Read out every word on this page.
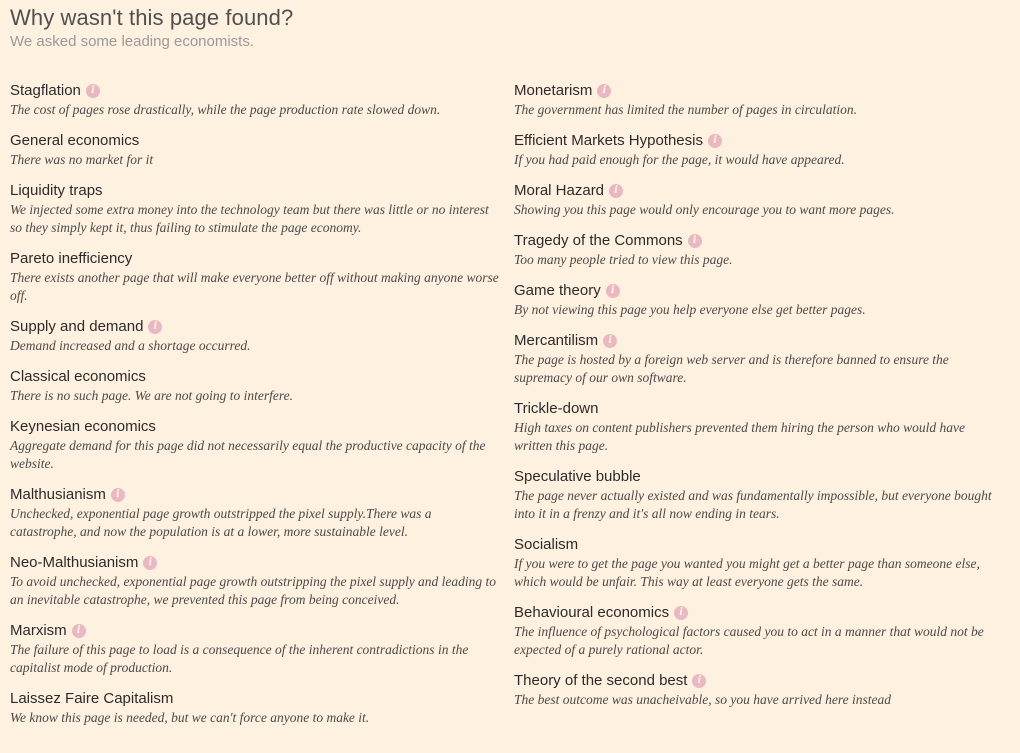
Why wasn't this page found?

We asked some leading economists.

Stagflation	i
The cost of pages rose drastically, while the page production rate slowed down.
General economics
There was no market for it
Liquidity traps
We injected some extra money into the technology team but there was little or no interest so they simply kept it, thus failing to stimulate the page economy.
Pareto inefficiency
There exists another page that will make everyone better off without making anyone worse off.
Supply and demand	i
Demand increased and a shortage occurred.
Classical economics
There is no such page. We are not going to interfere.
Keynesian economics
Aggregate demand for this page did not necessarily equal the productive capacity of the website.
Malthusianism	i
Unchecked, exponential page growth outstripped the pixel supply.There was a catastrophe, and now the population is at a lower, more sustainable level.
Neo-Malthusianism	i
To avoid unchecked, exponential page growth outstripping the pixel supply and leading to an inevitable catastrophe, we prevented this page from being conceived.
Marxism	i
The failure of this page to load is a consequence of the inherent contradictions in the capitalist mode of production.
Laissez Faire Capitalism
We know this page is needed, but we can't force anyone to make it.
Monetarism	i
The government has limited the number of pages in circulation.
Efficient Markets Hypothesis	i
If you had paid enough for the page, it would have appeared.
Moral Hazard	i
Showing you this page would only encourage you to want more pages.
Tragedy of the Commons	i
Too many people tried to view this page.
Game theory	i
By not viewing this page you help everyone else get better pages.
Mercantilism	i
The page is hosted by a foreign web server and is therefore banned to ensure the supremacy of our own software.
Trickle-down
High taxes on content publishers prevented them hiring the person who would have written this page.
Speculative bubble
The page never actually existed and was fundamentally impossible, but everyone bought into it in a frenzy and it's all now ending in tears.
Socialism
If you were to get the page you wanted you might get a better page than someone else, which would be unfair. This way at least everyone gets the same.
Behavioural economics	i
The influence of psychological factors caused you to act in a manner that would not be expected of a purely rational actor.
Theory of the second best	i
The best outcome was unacheivable, so you have arrived here instead
